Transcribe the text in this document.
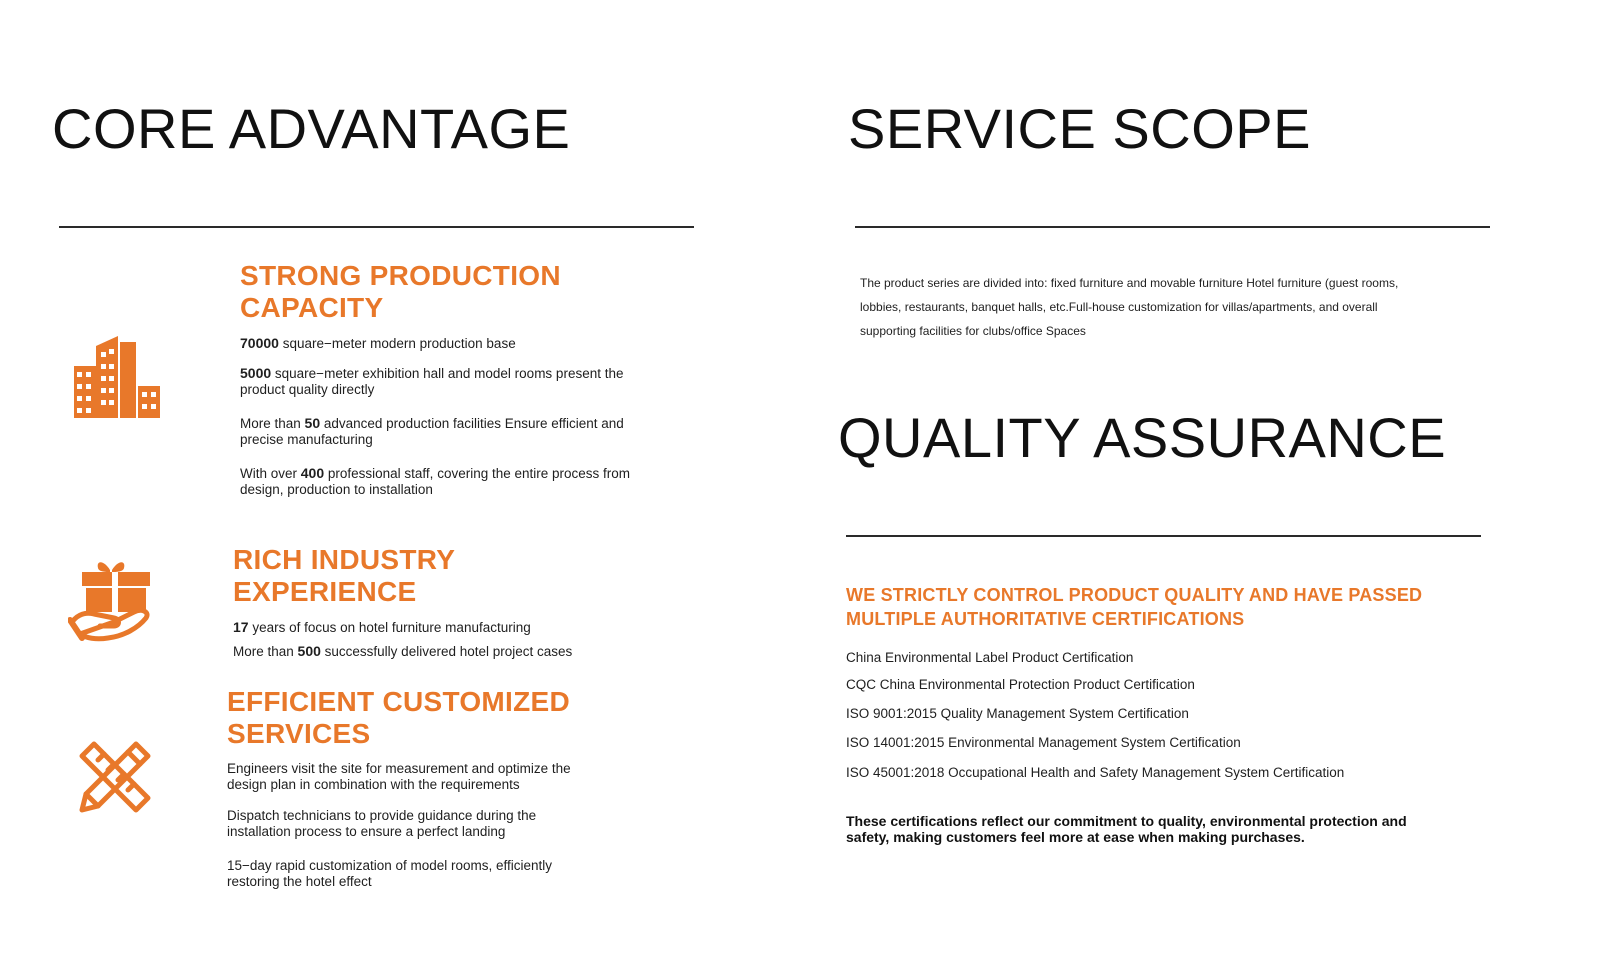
CORE ADVANTAGE
STRONG PRODUCTION
CAPACITY
70000 square−meter modern production base
5000 square−meter exhibition hall and model rooms present the product quality directly
More than 50 advanced production facilities Ensure efficient and precise manufacturing
With over 400 professional staff, covering the entire process from design, production to installation
RICH INDUSTRY
EXPERIENCE
17 years of focus on hotel furniture manufacturing
More than 500 successfully delivered hotel project cases
EFFICIENT CUSTOMIZED
SERVICES
Engineers visit the site for measurement and optimize the design plan in combination with the requirements
Dispatch technicians to provide guidance during the installation process to ensure a perfect landing
15−day rapid customization of model rooms, efficiently restoring the hotel effect
SERVICE SCOPE
The product series are divided into: fixed furniture and movable furniture Hotel furniture (guest rooms, lobbies, restaurants, banquet halls, etc.Full-house customization for villas/apartments, and overall supporting facilities for clubs/office Spaces
QUALITY ASSURANCE
WE STRICTLY CONTROL PRODUCT QUALITY AND HAVE PASSED
MULTIPLE AUTHORITATIVE CERTIFICATIONS
China Environmental Label Product Certification
CQC China Environmental Protection Product Certification
ISO 9001:2015 Quality Management System Certification
ISO 14001:2015 Environmental Management System Certification
ISO 45001:2018 Occupational Health and Safety Management System Certification
These certifications reflect our commitment to quality, environmental protection and safety, making customers feel more at ease when making purchases.
